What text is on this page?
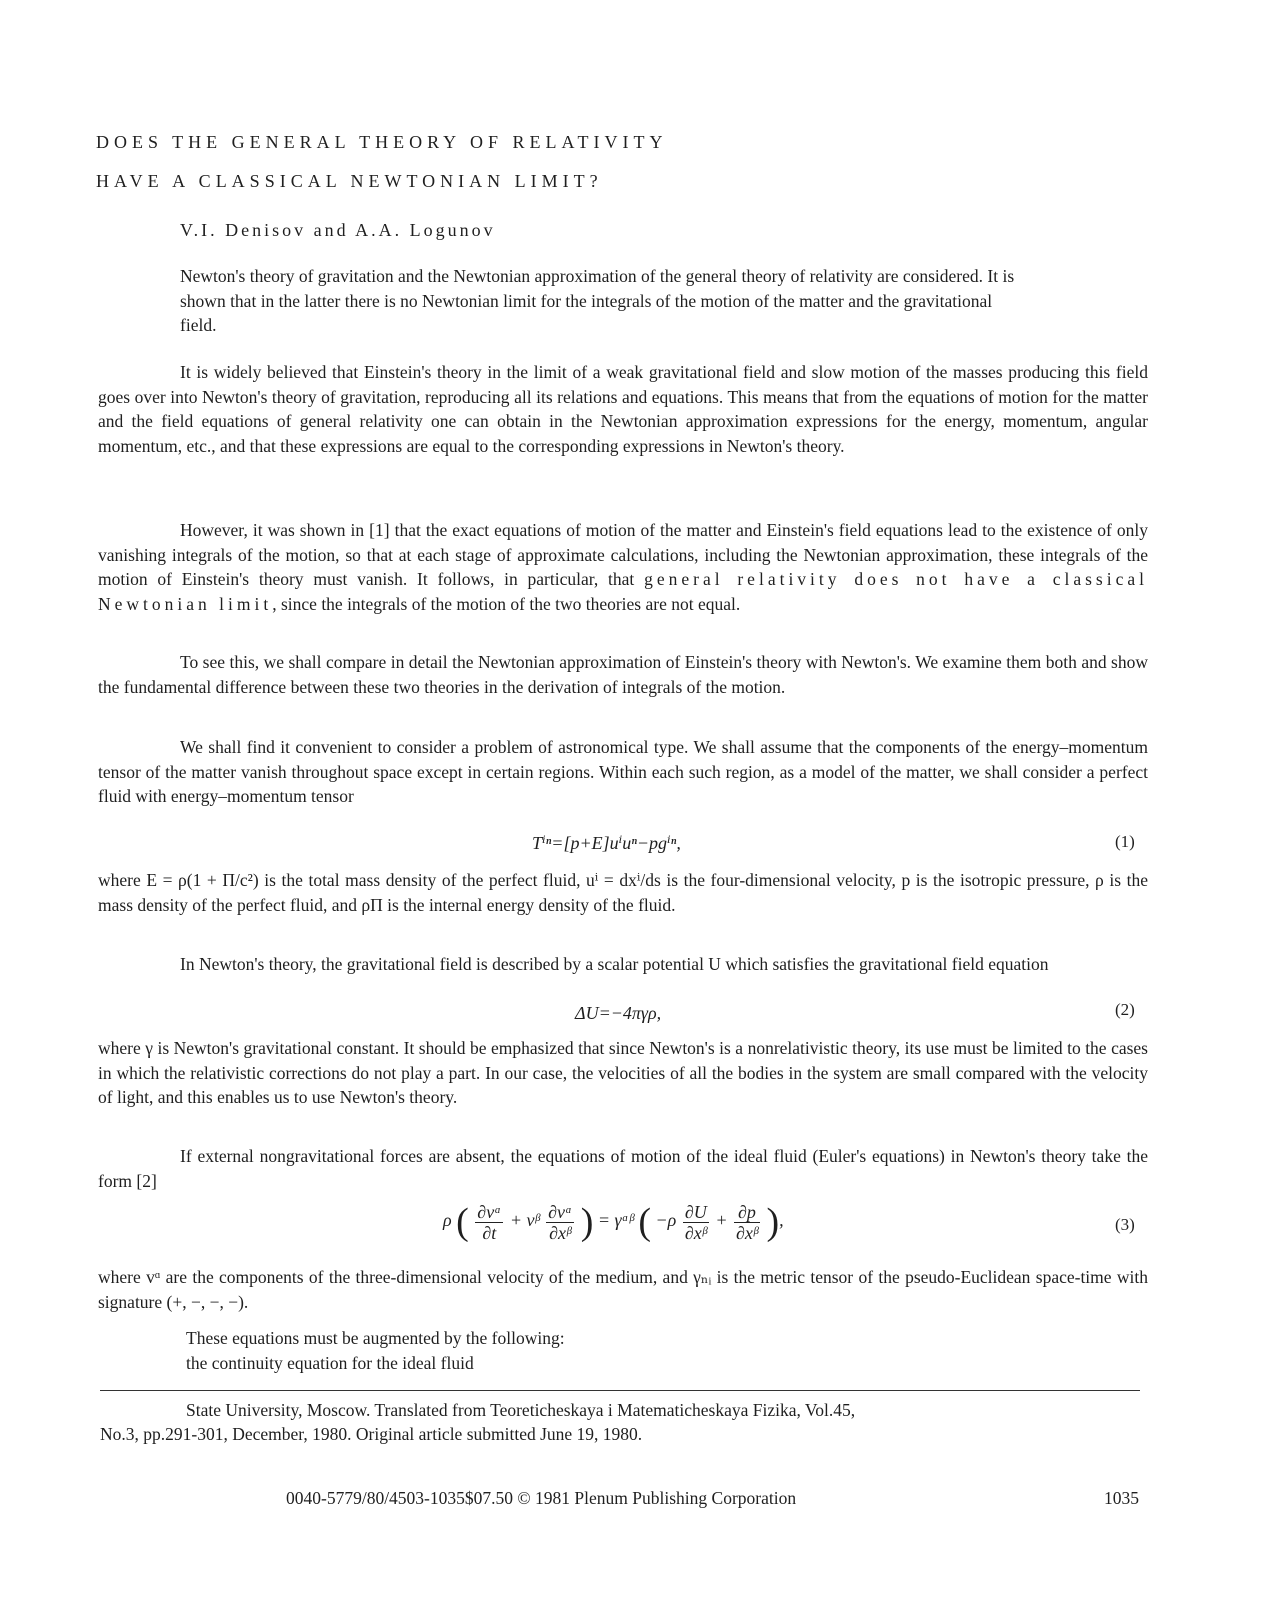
DOES THE GENERAL THEORY OF RELATIVITY
HAVE A CLASSICAL NEWTONIAN LIMIT?
V.I. Denisov and A.A. Logunov

Newton's theory of gravitation and the Newtonian approximation of the general theory of relativity are considered. It is shown that in the latter there is no Newtonian limit for the integrals of the motion of the matter and the gravitational field.

It is widely believed that Einstein's theory in the limit of a weak gravitational field and slow motion of the masses producing this field goes over into Newton's theory of gravitation, reproducing all its relations and equations. This means that from the equations of motion for the matter and the field equations of general relativity one can obtain in the Newtonian approximation expressions for the energy, momentum, angular momentum, etc., and that these expressions are equal to the corresponding expressions in Newton's theory.

However, it was shown in [1] that the exact equations of motion of the matter and Einstein's field equations lead to the existence of only vanishing integrals of the motion, so that at each stage of approximate calculations, including the Newtonian approximation, these integrals of the motion of Einstein's theory must vanish. It follows, in particular, that general relativity does not have a classical Newtonian limit, since the integrals of the motion of the two theories are not equal.

To see this, we shall compare in detail the Newtonian approximation of Einstein's theory with Newton's. We examine them both and show the fundamental difference between these two theories in the derivation of integrals of the motion.

We shall find it convenient to consider a problem of astronomical type. We shall assume that the components of the energy–momentum tensor of the matter vanish throughout space except in certain regions. Within each such region, as a model of the matter, we shall consider a perfect fluid with energy–momentum tensor

Tⁱⁿ=[p+E]uⁱuⁿ−pgⁱⁿ,	(1)

where E = ρ(1 + Π/c²) is the total mass density of the perfect fluid, uⁱ = dxⁱ/ds is the four-dimensional velocity, p is the isotropic pressure, ρ is the mass density of the perfect fluid, and ρΠ is the internal energy density of the fluid.

In Newton's theory, the gravitational field is described by a scalar potential U which satisfies the gravitational field equation

ΔU=−4πγρ,	(2)

where γ is Newton's gravitational constant. It should be emphasized that since Newton's is a nonrelativistic theory, its use must be limited to the cases in which the relativistic corrections do not play a part. In our case, the velocities of all the bodies in the system are small compared with the velocity of light, and this enables us to use Newton's theory.

If external nongravitational forces are absent, the equations of motion of the ideal fluid (Euler's equations) in Newton's theory take the form [2]

ρ ( $\frac{\text{∂vᵅ}}{\partial t}$ + vᵝ $\frac{\text{∂vᵅ}}{\text{∂xᵝ}}$ ) = γᵅᵝ ( $-\rho \frac{\partial U}{\text{∂xᵝ}} + \frac{\partial p}{\text{∂xᵝ}}$ ),	(3)

where vᵅ are the components of the three-dimensional velocity of the medium, and γₙᵢ is the metric tensor of the pseudo-Euclidean space-time with signature (+, −, −, −).

These equations must be augmented by the following:
the continuity equation for the ideal fluid

State University, Moscow. Translated from Teoreticheskaya i Matematicheskaya Fizika, Vol.45,

No.3, pp.291-301, December, 1980. Original article submitted June 19, 1980.

0040-5779/80/4503-1035$07.50 © 1981 Plenum Publishing Corporation	1035
